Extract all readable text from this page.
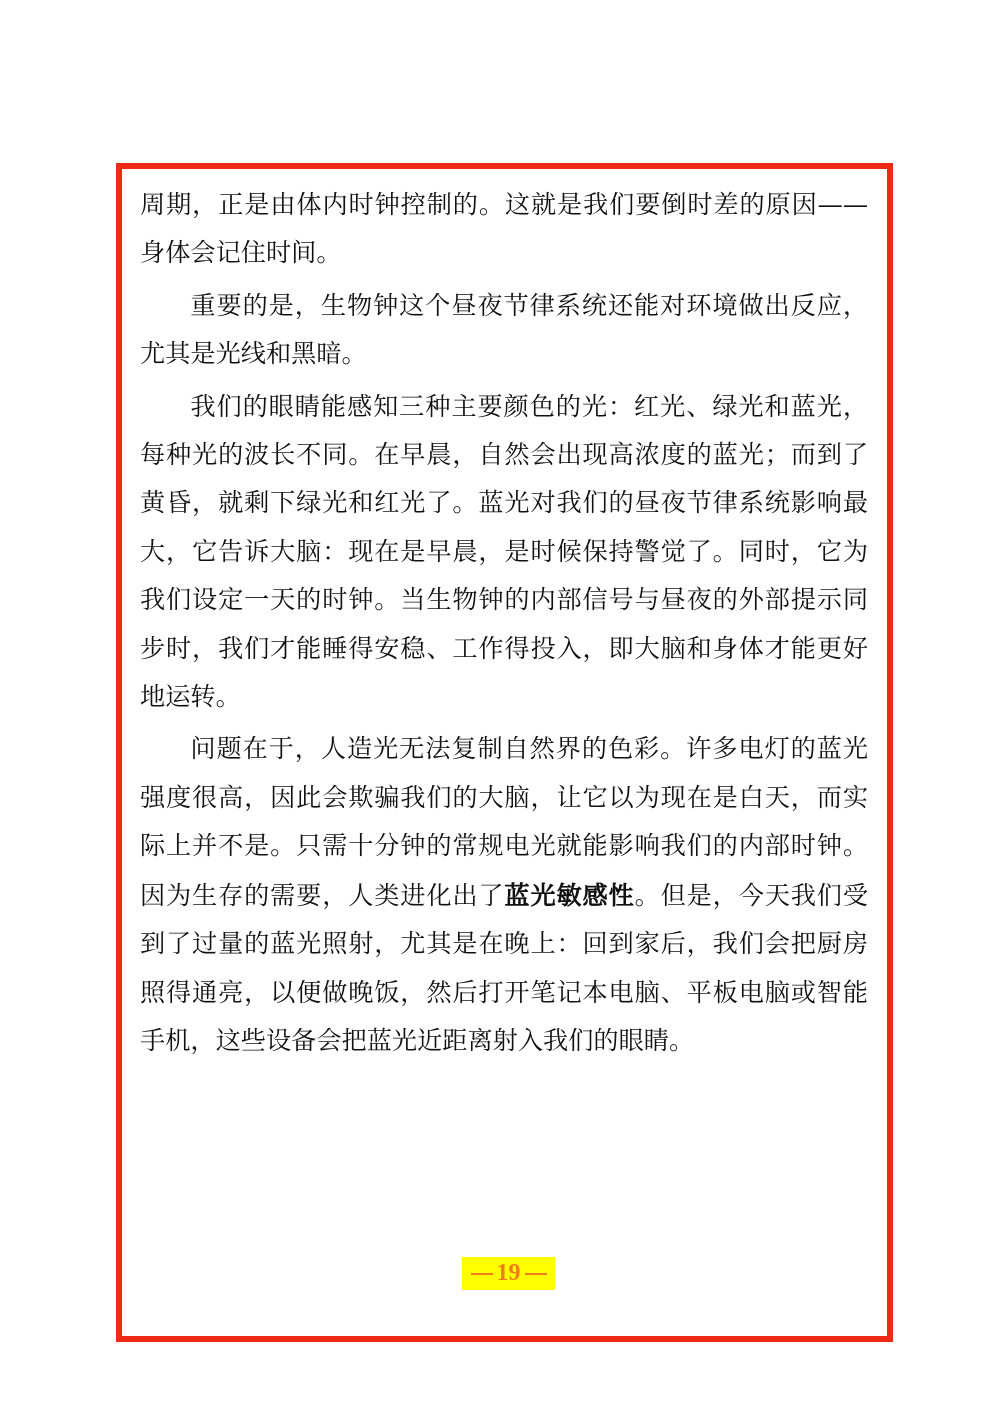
周期，正是由体内时钟控制的。这就是我们要倒时差的原因——身体会记住时间。

重要的是，生物钟这个昼夜节律系统还能对环境做出反应，尤其是光线和黑暗。

我们的眼睛能感知三种主要颜色的光：红光、绿光和蓝光，每种光的波长不同。在早晨，自然会出现高浓度的蓝光；而到了黄昏，就剩下绿光和红光了。蓝光对我们的昼夜节律系统影响最大，它告诉大脑：现在是早晨，是时候保持警觉了。同时，它为我们设定一天的时钟。当生物钟的内部信号与昼夜的外部提示同步时，我们才能睡得安稳、工作得投入，即大脑和身体才能更好地运转。

问题在于，人造光无法复制自然界的色彩。许多电灯的蓝光强度很高，因此会欺骗我们的大脑，让它以为现在是白天，而实际上并不是。只需十分钟的常规电光就能影响我们的内部时钟。因为生存的需要，人类进化出了蓝光敏感性。但是，今天我们受到了过量的蓝光照射，尤其是在晚上：回到家后，我们会把厨房照得通亮，以便做晚饭，然后打开笔记本电脑、平板电脑或智能手机，这些设备会把蓝光近距离射入我们的眼睛。

19
